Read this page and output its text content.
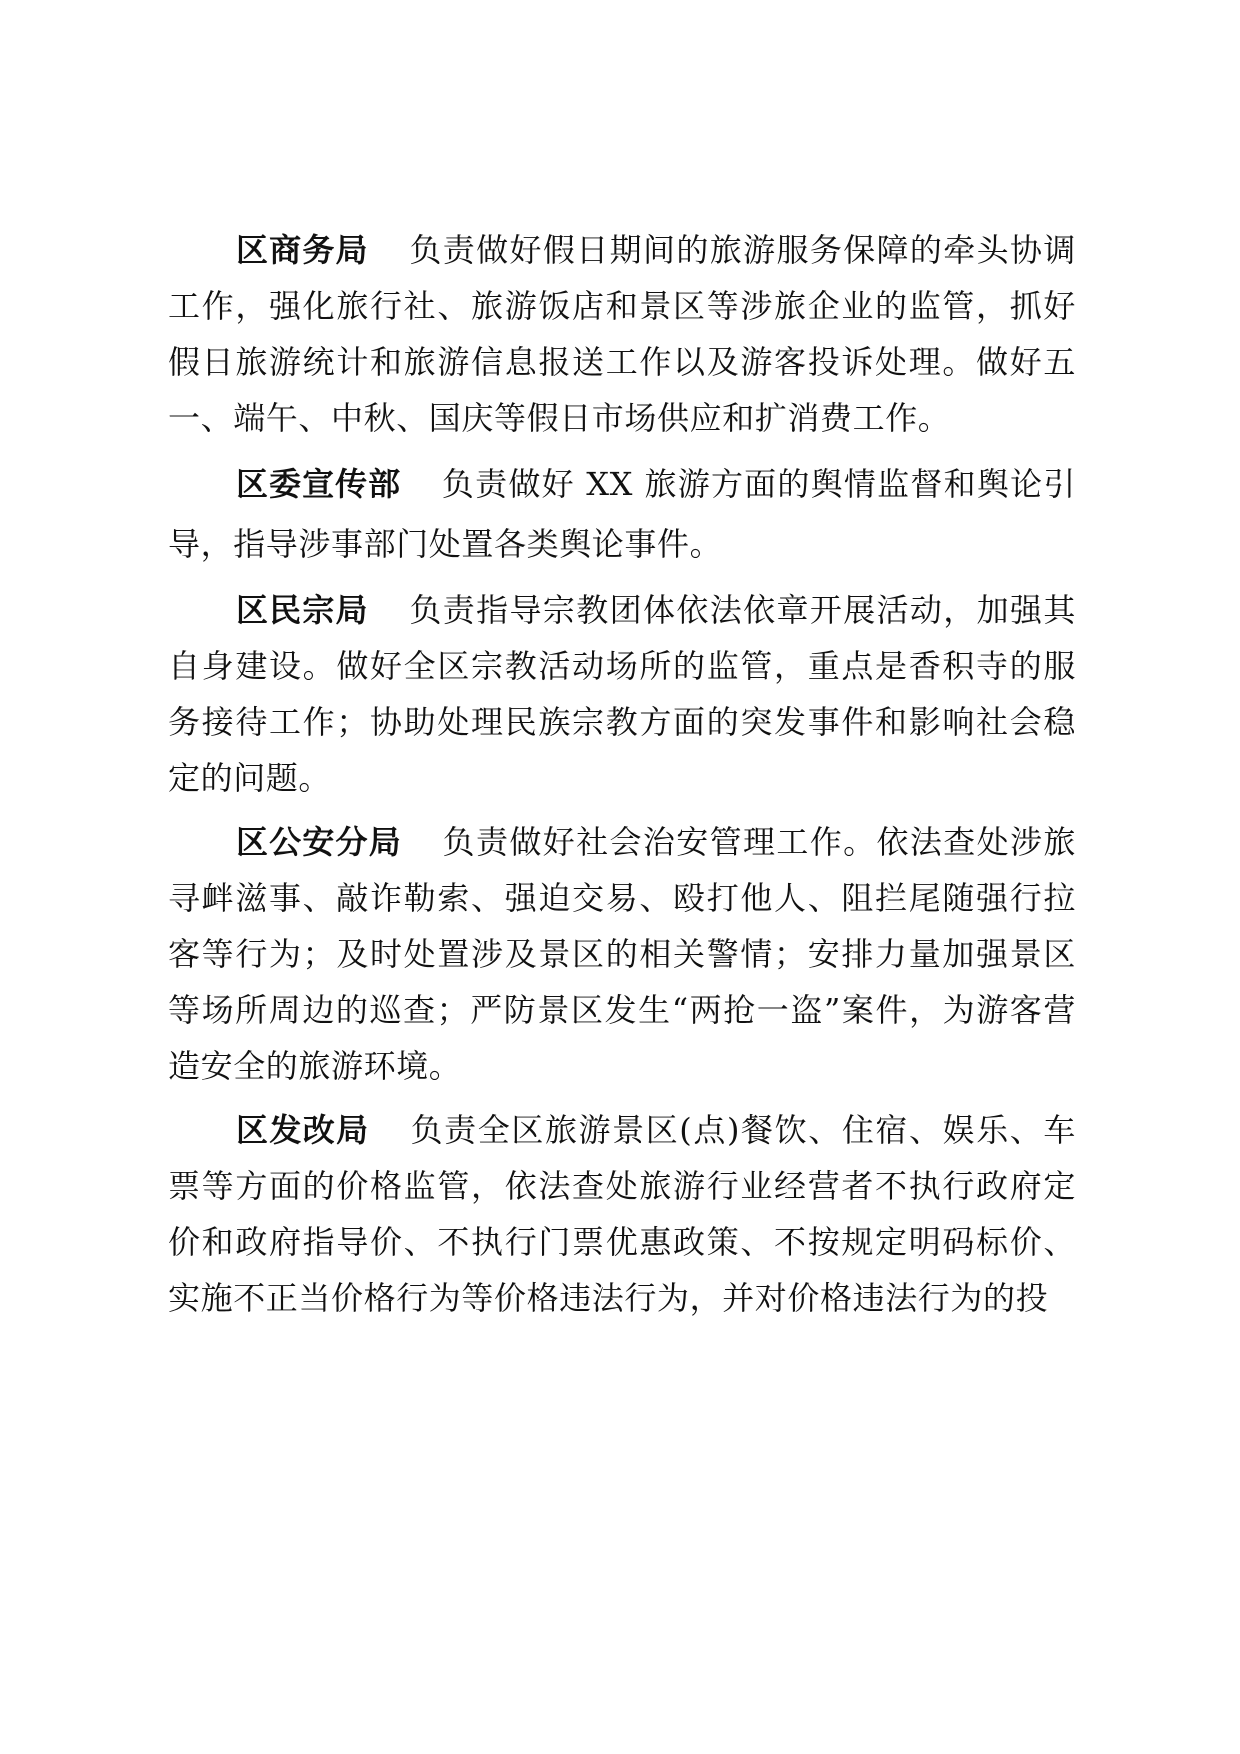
区商务局 负责做好假日期间的旅游服务保障的牵头协调工作，强化旅行社、旅游饭店和景区等涉旅企业的监管，抓好假日旅游统计和旅游信息报送工作以及游客投诉处理。做好五一、端午、中秋、国庆等假日市场供应和扩消费工作。

区委宣传部 负责做好 XX 旅游方面的舆情监督和舆论引导，指导涉事部门处置各类舆论事件。

区民宗局 负责指导宗教团体依法依章开展活动，加强其自身建设。做好全区宗教活动场所的监管，重点是香积寺的服务接待工作；协助处理民族宗教方面的突发事件和影响社会稳定的问题。

区公安分局 负责做好社会治安管理工作。依法查处涉旅寻衅滋事、敲诈勒索、强迫交易、殴打他人、阻拦尾随强行拉客等行为；及时处置涉及景区的相关警情；安排力量加强景区等场所周边的巡查；严防景区发生“两抢一盗”案件，为游客营造安全的旅游环境。

区发改局 负责全区旅游景区(点)餐饮、住宿、娱乐、车票等方面的价格监管，依法查处旅游行业经营者不执行政府定价和政府指导价、不执行门票优惠政策、不按规定明码标价、实施不正当价格行为等价格违法行为，并对价格违法行为的投
